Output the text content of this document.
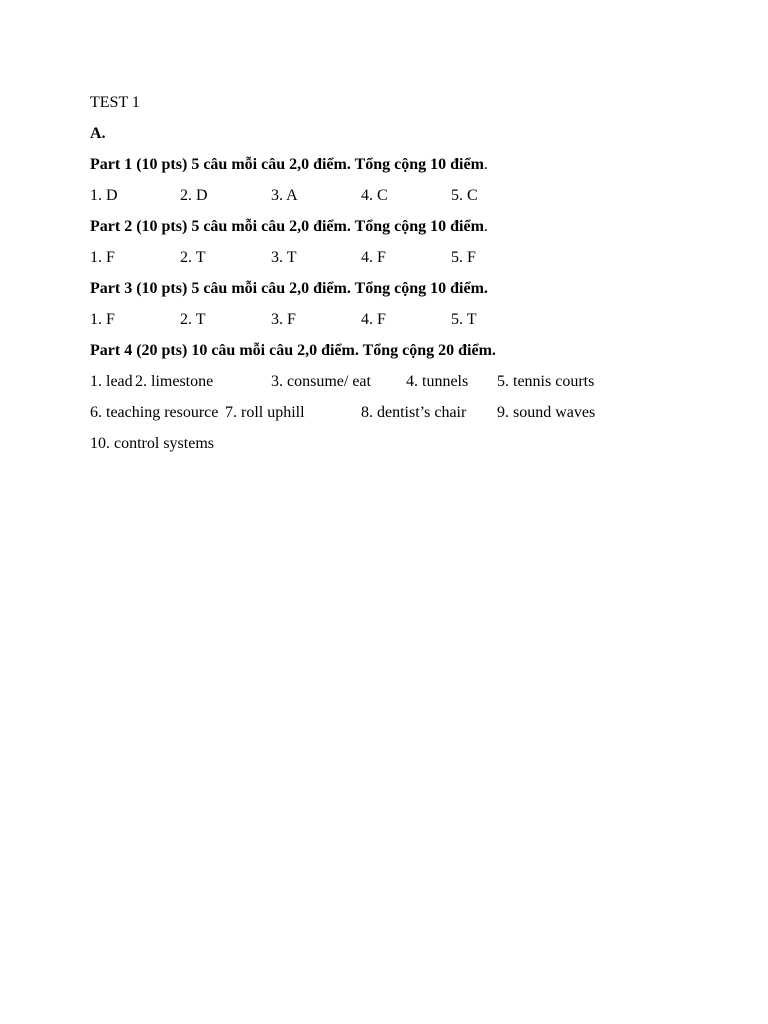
TEST 1
A.
Part 1 (10 pts) 5 câu mỗi câu 2,0 điểm. Tổng cộng 10 điểm.
1. D	2. D	3. A	4. C	5. C
Part 2 (10 pts) 5 câu mỗi câu 2,0 điểm. Tổng cộng 10 điểm.
1. F	2. T	3. T	4. F	5. F
Part 3 (10 pts) 5 câu mỗi câu 2,0 điểm. Tổng cộng 10 điểm.
1. F	2. T	3. F	4. F	5. T
Part 4 (20 pts) 10 câu mỗi câu 2,0 điểm. Tổng cộng 20 điểm.
1. lead 2. limestone	3. consume/ eat 4. tunnels 5. tennis courts
6. teaching resource 7. roll uphill	8. dentist’s chair 9. sound waves
10. control systems
